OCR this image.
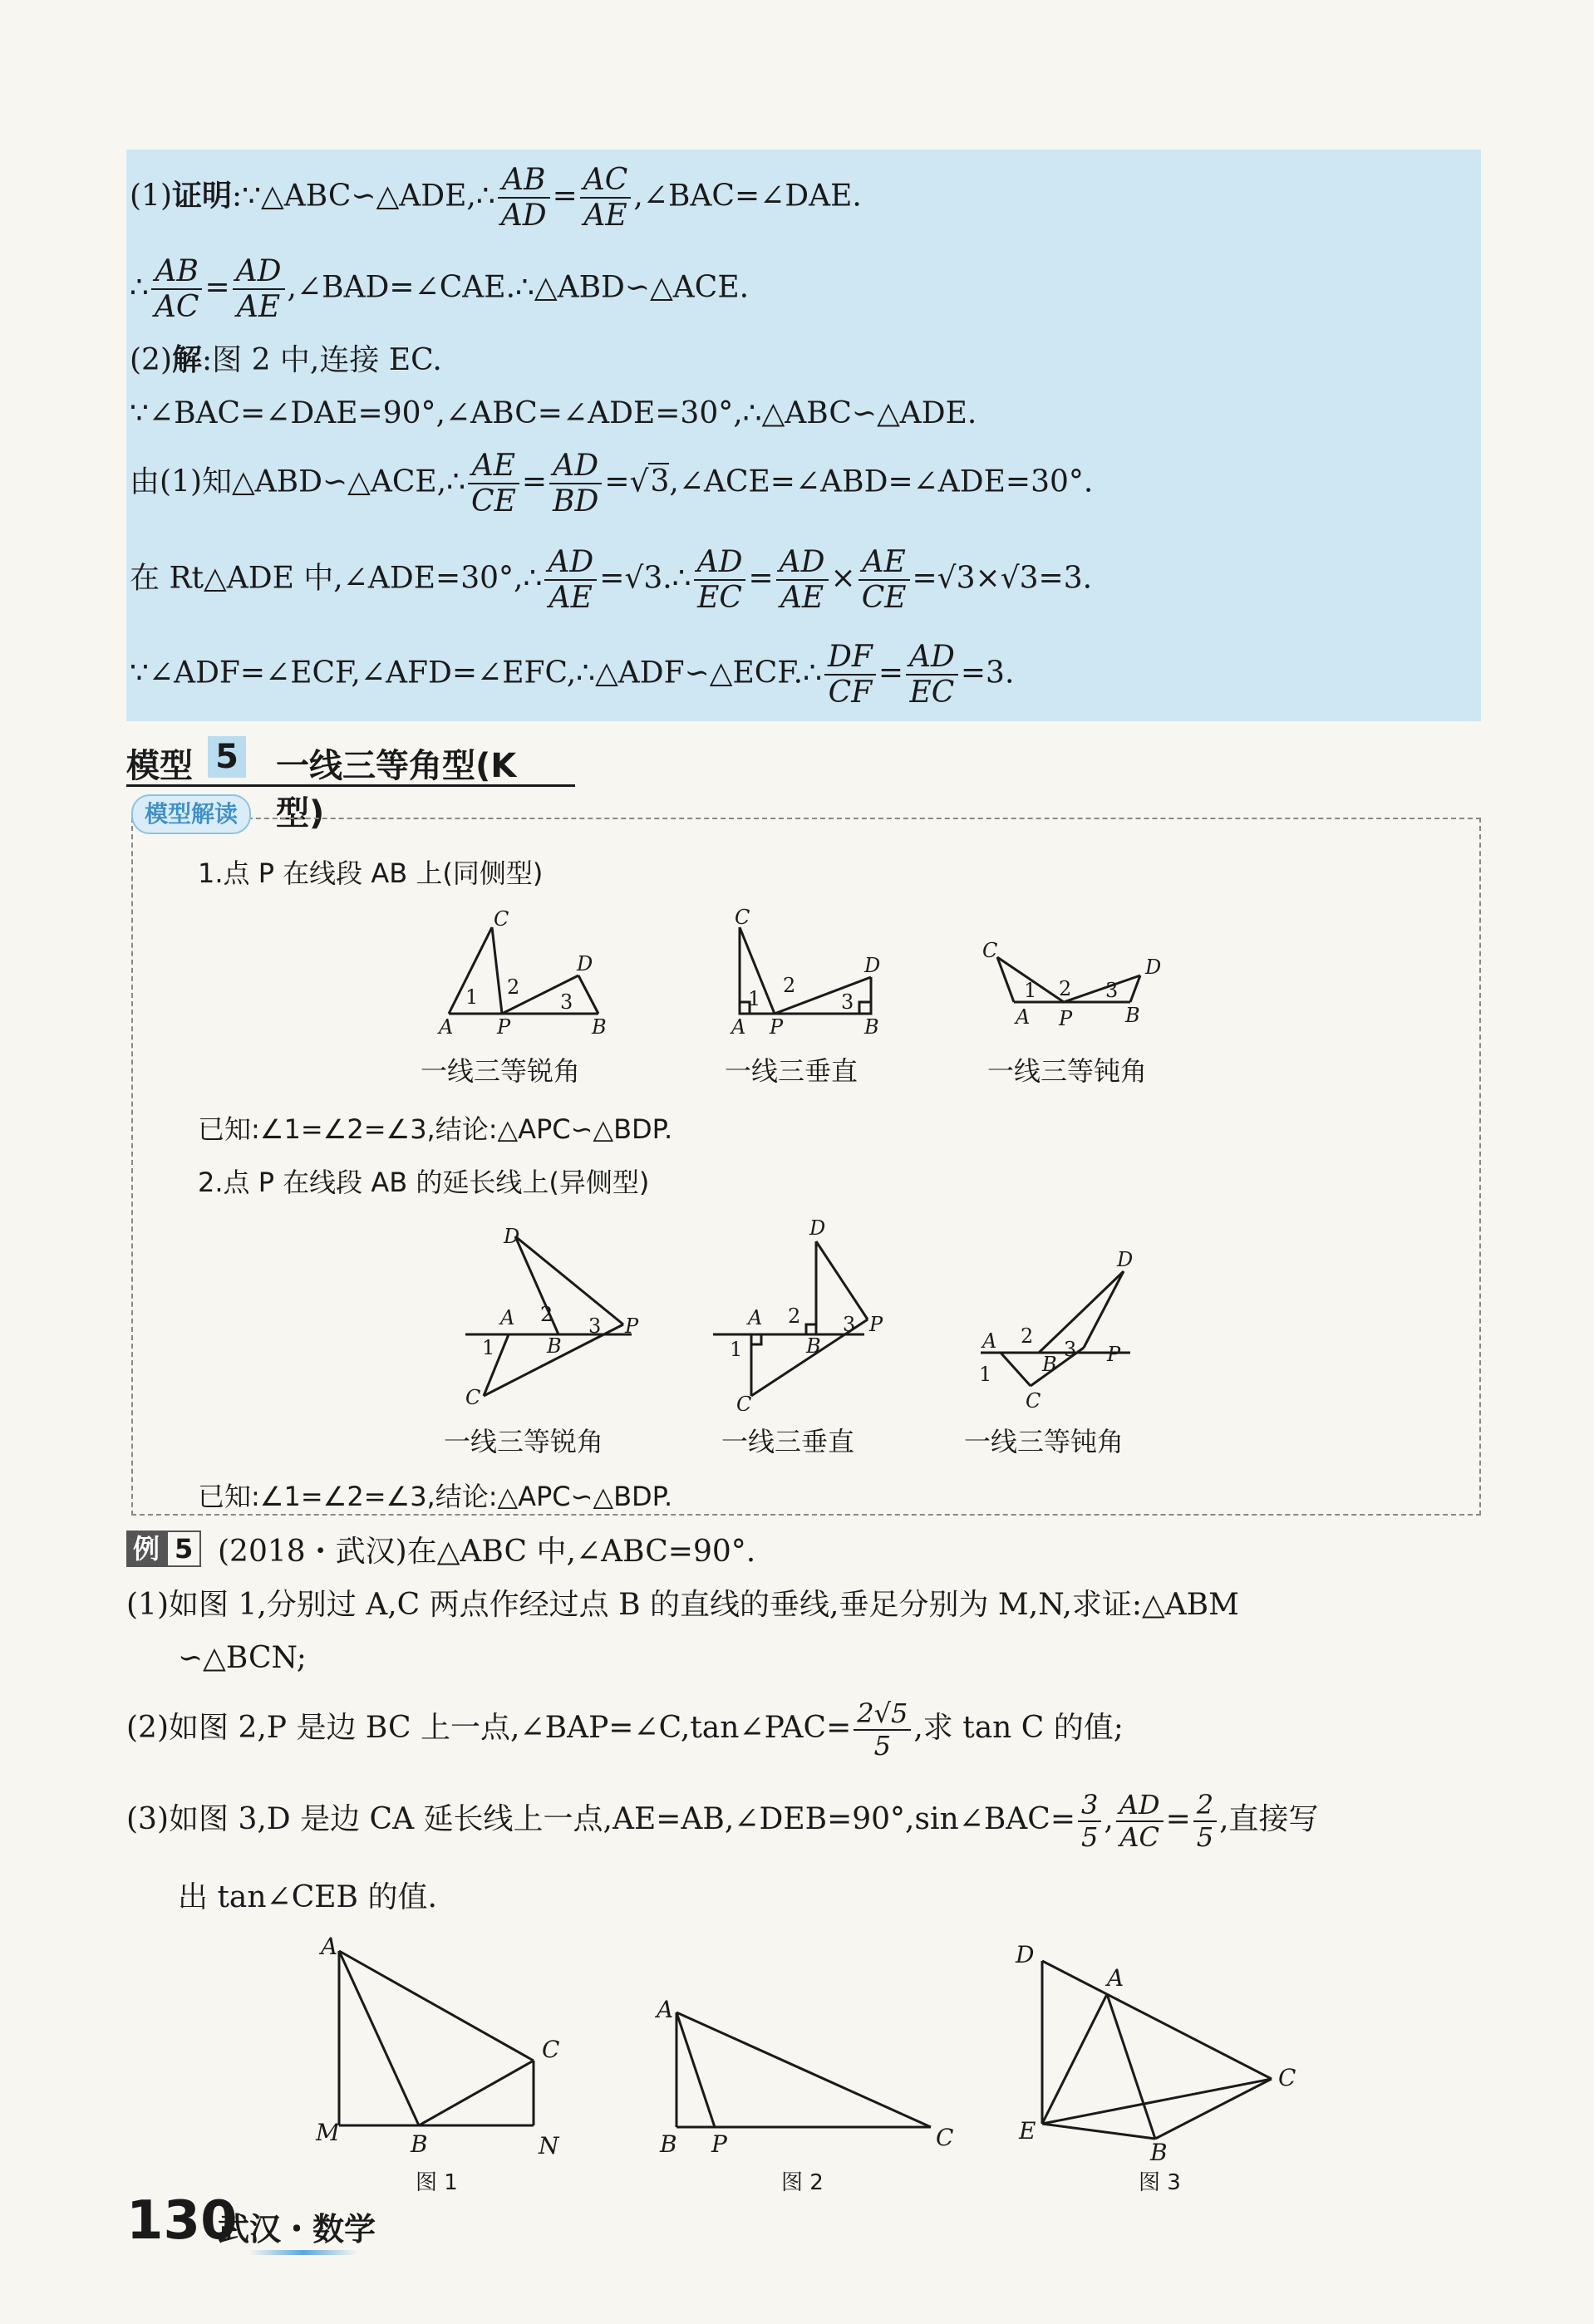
(1)证明:∵△ABC∽△ADE,∴ $\frac{AB}{AD} = \frac{AC}{AE}$ ,∠BAC=∠DAE.
∴ $\frac{AB}{AC} = \frac{AD}{AE}$ ,∠BAD=∠CAE.∴△ABD∽△ACE.
(2)解:图 2 中,连接 EC.
∵∠BAC=∠DAE=90°,∠ABC=∠ADE=30°,∴△ABC∽△ADE.
由(1)知△ABD∽△ACE,∴ $\frac{AE}{CE} = \frac{AD}{BD}$ =√3,∠ACE=∠ABD=∠ADE=30°.
在 Rt△ADE 中,∠ADE=30°,∴ $\frac{AD}{AE}$ =√3.∴ $\frac{AD}{EC} = \frac{AD}{AE} \times \frac{AE}{CE} =√3\times√3=3$.
∵∠ADF=∠ECF,∠AFD=∠EFC,∴△ADF∽△ECF.∴ $\frac{DF}{CF} = \frac{AD}{EC} =3$.
模型 5 一线三等角型(K 型)
模型解读
1.点 P 在线段 AB 上(同侧型)
A P	B
C
D
1 2
3
A P	B
C
D
1
2
3
A P	B
C
D
1 2 3
一线三等锐角	一线三垂直	一线三等钝角
已知:∠1=∠2=∠3,结论:△APC∽△BDP.
2.点 P 在线段 AB 的延长线上(异侧型)
D
A
B
P
C
1
2 3
D
A
B
P
C
1
2 3
D
A
B	P
C
1
2
3
一线三等锐角	一线三垂直	一线三等钝角
已知:∠1=∠2=∠3,结论:△APC∽△BDP.
例 5 (2018・武汉)在△ABC 中,∠ABC=90°.
(1)如图 1,分别过 A,C 两点作经过点 B 的直线的垂线,垂足分别为 M,N,求证:△ABM
∽△BCN;
(2)如图 2,P 是边 BC 上一点,∠BAP=∠C,tan∠PAC= $\frac{2√5}{5}$ ,求 tan C 的值;
(3)如图 3,D 是边 CA 延长线上一点,AE=AB,∠DEB=90°,sin∠BAC= $\frac{3}{5}$ , $\frac{AD}{AC} = \frac{2}{5}$ ,直接写
出 tan∠CEB 的值.
A
M	B
C
N
A
B P	C
D
A
C
E
B
图 1	图 2	图 3
130
武汉・数学
